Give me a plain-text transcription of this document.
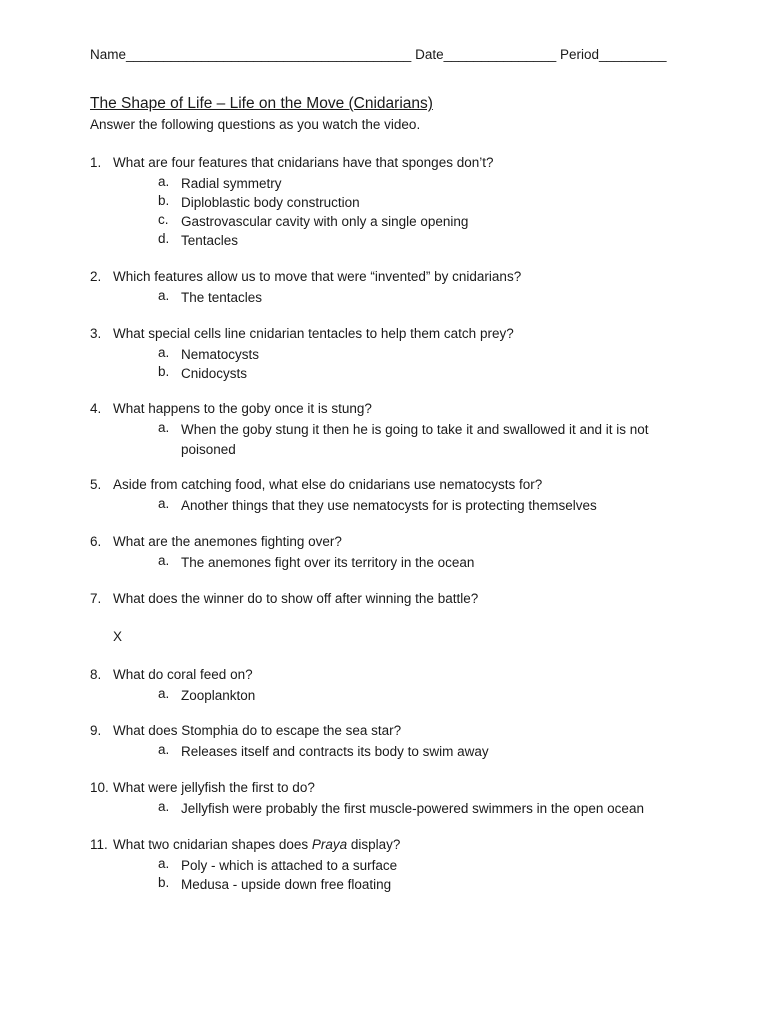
Name______________________________________ Date_______________ Period_________
The Shape of Life – Life on the Move (Cnidarians)
Answer the following questions as you watch the video.
1. What are four features that cnidarians have that sponges don’t?
a. Radial symmetry
b. Diploblastic body construction
c. Gastrovascular cavity with only a single opening
d. Tentacles
2. Which features allow us to move that were “invented” by cnidarians?
a. The tentacles
3. What special cells line cnidarian tentacles to help them catch prey?
a. Nematocysts
b. Cnidocysts
4. What happens to the goby once it is stung?
a. When the goby stung it then he is going to take it and swallowed it and it is not poisoned
5. Aside from catching food, what else do cnidarians use nematocysts for?
a. Another things that they use nematocysts for is protecting themselves
6. What are the anemones fighting over?
a. The anemones fight over its territory in the ocean
7. What does the winner do to show off after winning the battle?
X
8. What do coral feed on?
a. Zooplankton
9. What does Stomphia do to escape the sea star?
a. Releases itself and contracts its body to swim away
10. What were jellyfish the first to do?
a. Jellyfish were probably the first muscle-powered swimmers in the open ocean
11. What two cnidarian shapes does Praya display?
a. Poly - which is attached to a surface
b. Medusa - upside down free floating
